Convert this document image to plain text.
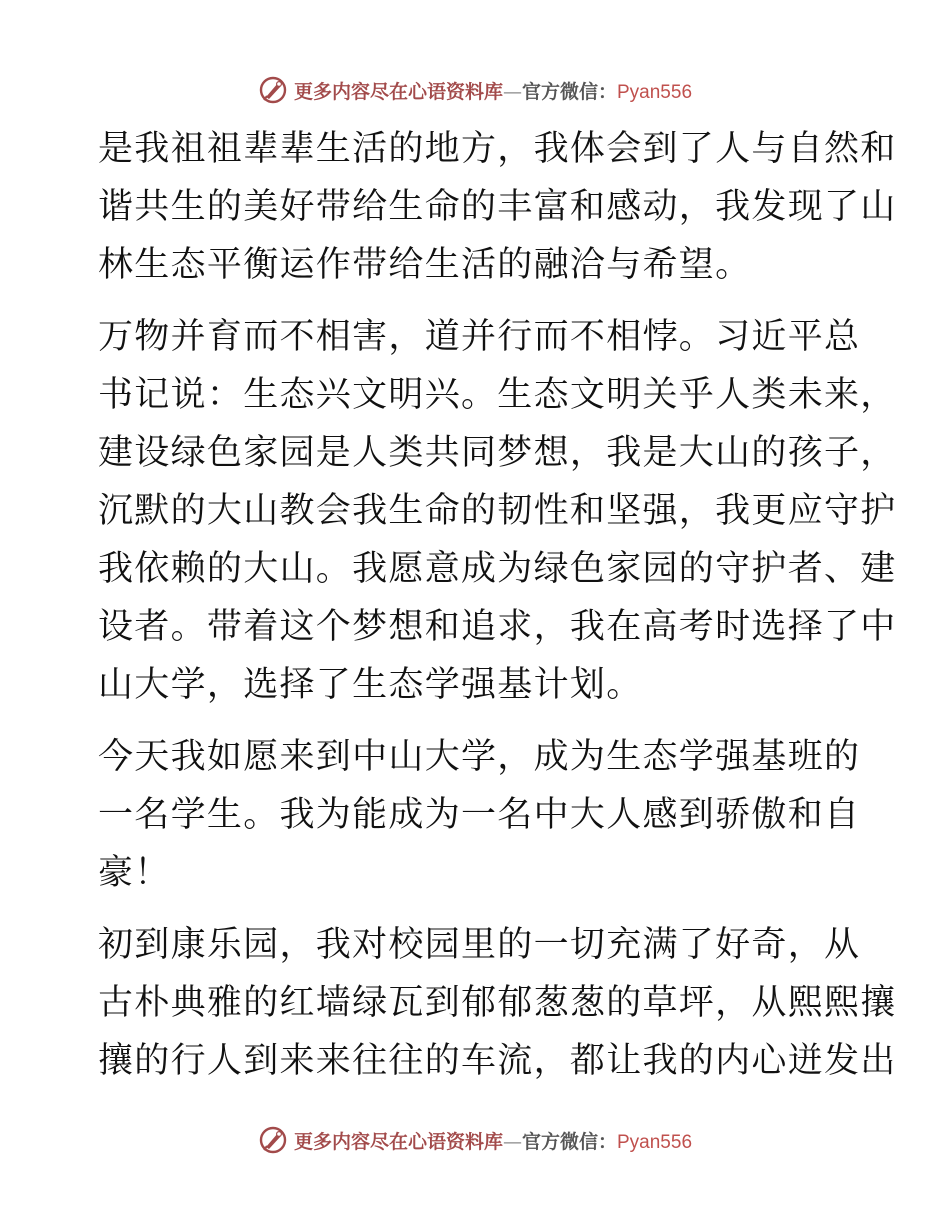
更多内容尽在心语资料库—官方微信：Pyan556

是我祖祖辈辈生活的地方，我体会到了人与自然和
谐共生的美好带给生命的丰富和感动，我发现了山
林生态平衡运作带给生活的融洽与希望。

万物并育而不相害，道并行而不相悖。习近平总
书记说：生态兴文明兴。生态文明关乎人类未来，
建设绿色家园是人类共同梦想，我是大山的孩子，
沉默的大山教会我生命的韧性和坚强，我更应守护
我依赖的大山。我愿意成为绿色家园的守护者、建
设者。带着这个梦想和追求，我在高考时选择了中
山大学，选择了生态学强基计划。

今天我如愿来到中山大学，成为生态学强基班的
一名学生。我为能成为一名中大人感到骄傲和自
豪！

初到康乐园，我对校园里的一切充满了好奇，从
古朴典雅的红墙绿瓦到郁郁葱葱的草坪，从熙熙攘
攘的行人到来来往往的车流，都让我的内心迸发出

更多内容尽在心语资料库—官方微信：Pyan556
